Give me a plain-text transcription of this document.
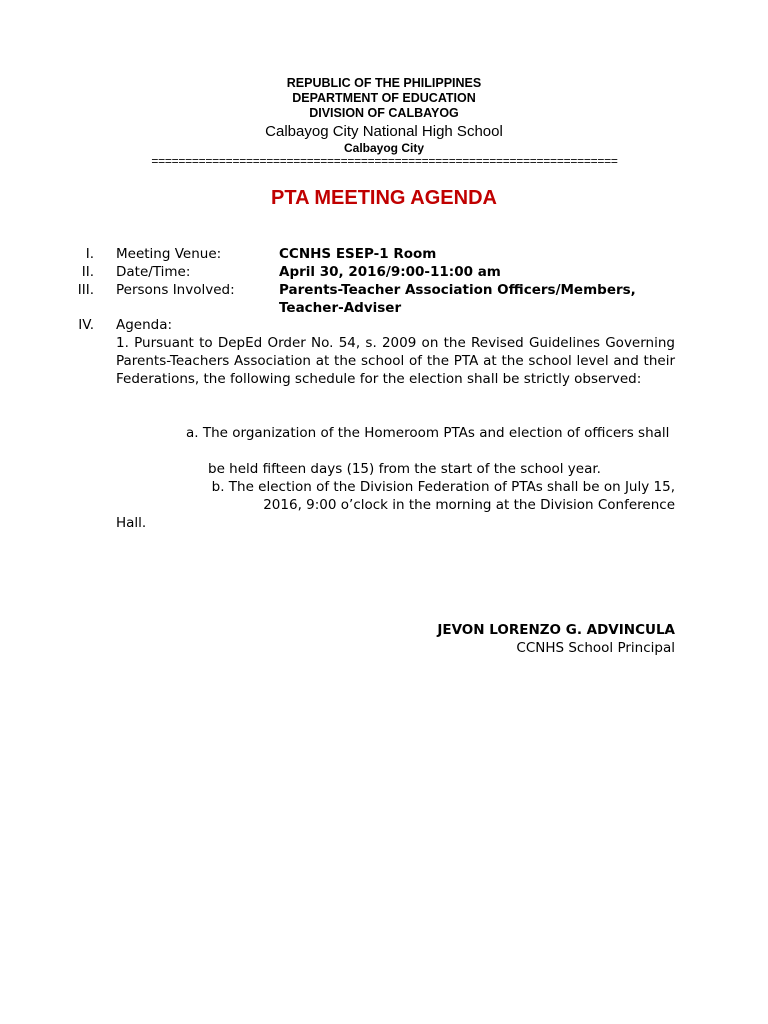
REPUBLIC OF THE PHILIPPINES
DEPARTMENT OF EDUCATION
DIVISION OF CALBAYOG
Calbayog City National High School
Calbayog City
=====================================================================
PTA MEETING AGENDA
I. Meeting Venue:	CCNHS ESEP-1 Room
II. Date/Time:	April 30, 2016/9:00-11:00 am
III. Persons Involved:	Parents-Teacher Association Officers/Members,
Teacher-Adviser
IV. Agenda:
1. Pursuant to DepEd Order No. 54, s. 2009 on the Revised Guidelines Governing Parents-Teachers Association at the school of the PTA at the school level and their Federations, the following schedule for the election shall be strictly observed:
a. The organization of the Homeroom PTAs and election of officers shall
be held fifteen days (15) from the start of the school year.
b. The election of the Division Federation of PTAs shall be on July 15,
2016, 9:00 o’clock in the morning at the Division Conference
Hall.
JEVON LORENZO G. ADVINCULA
CCNHS School Principal
